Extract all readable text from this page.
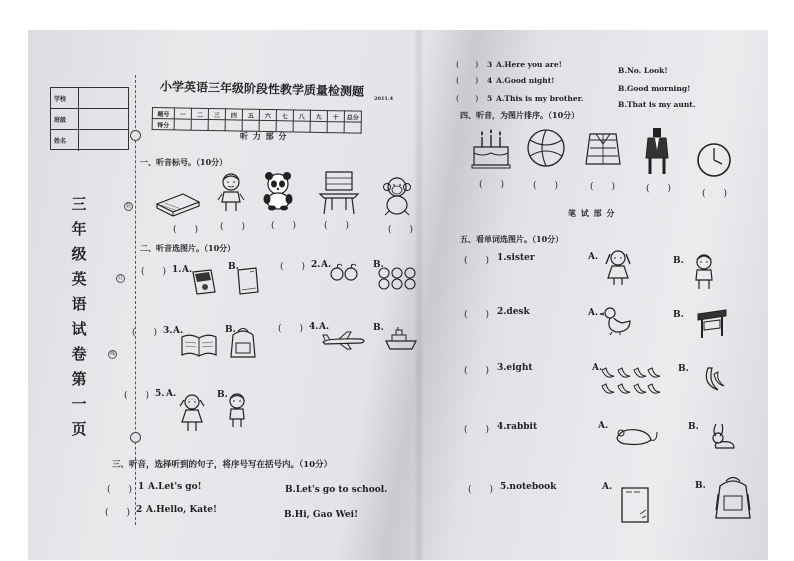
学校
班级
姓名
三年级英语试卷第一页
装
订
线
小学英语三年级阶段性教学质量检测题
2011.4
题号	一	二	三	四	五	六	七	八	九	十	总分
得分											
听 力 部 分
一、听音标号。（10分）
(　　) (　　)	(　　)	(　　)	(　　)
二、听音选图片。（10分）
(　　) 1. A.	B.	(　　) 2. A.	B.
(　　) 3. A.	B.	(　　) 4. A.	B.
(　　) 5. A.	B.
三、听音，选择听到的句子，将序号写在括号内。（10分）
(　　) 1 A.Let's go!	B.Let's go to school.
(　　) 2 A.Hello, Kate!	B.Hi, Gao Wei!
(　　) 3 A.Here you are!
B.No. Look!
(　　) 4 A.Good night!
B.Good morning!
(　　) 5 A.This is my brother.
B.That is my aunt.
四、听音，为图片排序。（10分）
(　　)	(　　)	(　　)	(　　)	(　　)
笔 试 部 分
五、看单词选图片。（10分）
(　　) 1.sister	A.	B.
(　　) 2.desk	A.	B.
(　　) 3.eight	A.	B.
(　　) 4.rabbit	A.	B.
(　　) 5.notebook	A.	B.
